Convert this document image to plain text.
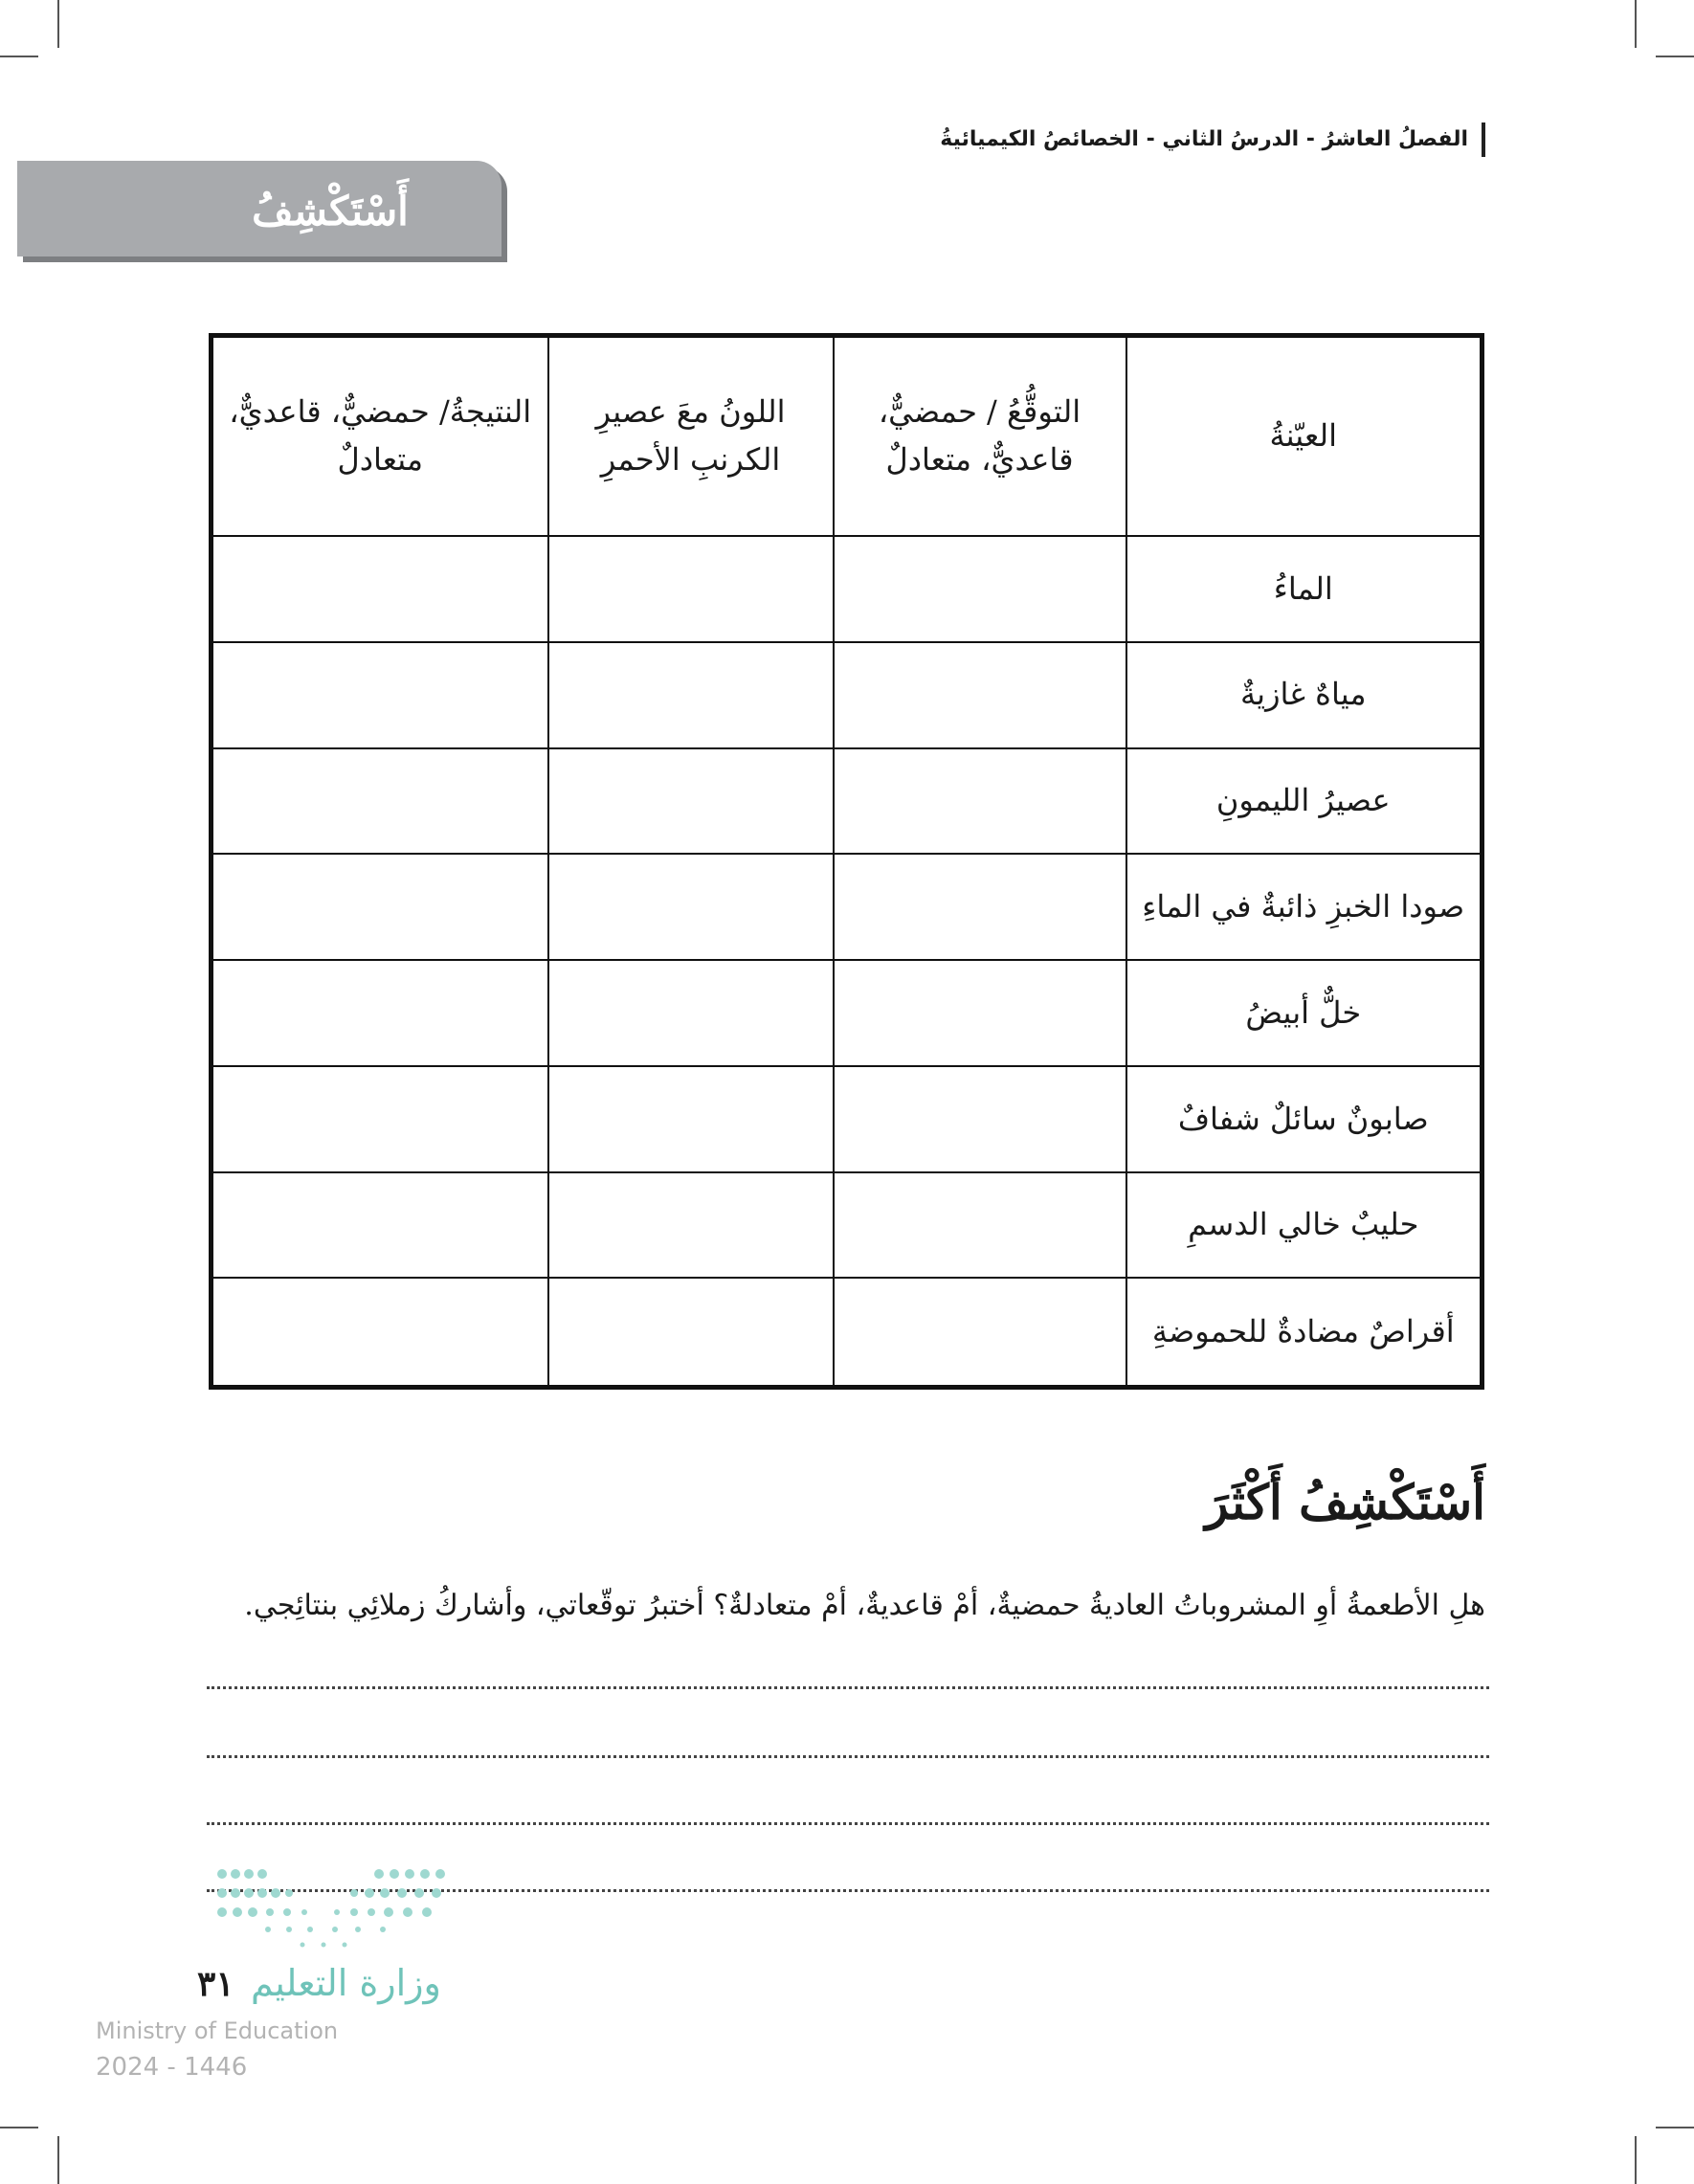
الفصلُ العاشرُ - الدرسُ الثاني - الخصائصُ الكيميائيةُ
أَسْتَكْشِفُ
العيّنةُ	التوقُّعُ / حمضيٌّ، قاعديٌّ، متعادلٌ	اللونُ معَ عصيرِ الكرنبِ الأحمرِ	النتيجةُ/ حمضيٌّ، قاعديٌّ، متعادلٌ
الماءُ			
مياهٌ غازيةٌ			
عصيرُ الليمونِ			
صودا الخبزِ ذائبةٌ في الماءِ			
خلٌّ أبيضُ			
صابونٌ سائلٌ شفافٌ			
حليبٌ خالي الدسمِ			
أقراصٌ مضادةٌ للحموضةِ			
أَسْتَكْشِفُ أَكْثَرَ
هلِ الأطعمةُ أوِ المشروباتُ العاديةُ حمضيةٌ، أمْ قاعديةٌ، أمْ متعادلةٌ؟ أختبرُ توقّعاتي، وأشاركُ زملائِي بنتائِجي.
٣١ وزارة التعليم
Ministry of Education
2024 - 1446
